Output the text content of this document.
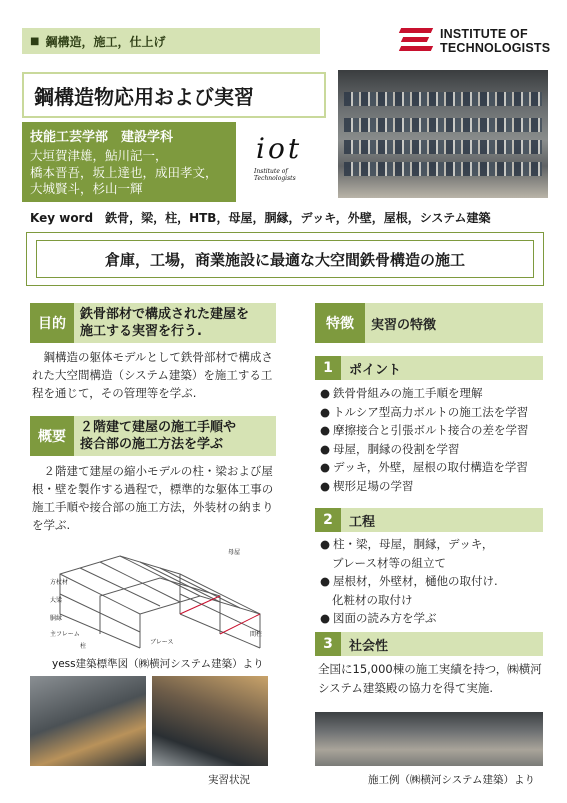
■ 鋼構造，施工，仕上げ
INSTITUTE OF
TECHNOLOGISTS
鋼構造物応用および実習
技能工芸学部　建設学科
大垣賀津雄，鮎川記一，
橋本晋吾，坂上達也，成田孝文，
大城賢斗，杉山一輝
iot
Institute of Technologists
Key word　鉄骨，梁，柱，HTB，母屋，胴縁，デッキ，外壁，屋根，システム建築
倉庫，工場，商業施設に最適な大空間鉄骨構造の施工
目的
鉄骨部材で構成された建屋を
施工する実習を行う.
鋼構造の躯体モデルとして鉄骨部材で構成された大空間構造（システム建築）を施工する工程を通じて，その管理等を学ぶ.
概要
２階建て建屋の施工手順や
接合部の施工方法を学ぶ
２階建て建屋の縮小モデルの柱・梁および屋根・壁を製作する過程で，標準的な躯体工事の施工手順や接合部の施工方法，外装材の納まりを学ぶ.
母屋
方杖材
大梁
胴縁
主フレーム
柱
ブレース
間柱
yess建築標準図（㈱横河システム建築）より
実習状況
特徴	実習の特徴
1	ポイント
● 鉄骨骨組みの施工手順を理解
● トルシア型高力ボルトの施工法を学習
● 摩擦接合と引張ボルト接合の差を学習
● 母屋，胴縁の役割を学習
● デッキ，外壁，屋根の取付構造を学習
● 楔形足場の学習
2	工程
● 柱・梁，母屋，胴縁，デッキ，
ブレース材等の組立て
● 屋根材，外壁材，樋他の取付け.
化粧材の取付け
● 図面の読み方を学ぶ
3	社会性
全国に15,000棟の施工実績を持つ，㈱横河システム建築殿の協力を得て実施.
施工例（㈱横河システム建築）より
